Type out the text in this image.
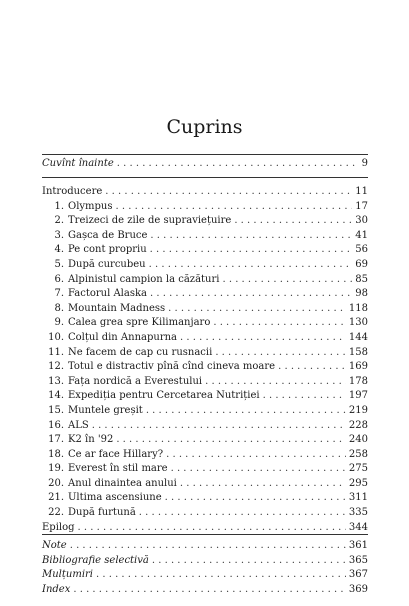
Cuprins
Cuvînt înainte . . .	9
Introducere . . .	11
1. Olympus . . .	17
2. Treizeci de zile de supraviețuire . . .	30
3. Gașca de Bruce . . .	41
4. Pe cont propriu . . .	56
5. După curcubeu . . .	69
6. Alpinistul campion la căzături . . .	85
7. Factorul Alaska . . .	98
8. Mountain Madness . . .	118
9. Calea grea spre Kilimanjaro . . .	130
10. Colțul din Annapurna . . .	144
11. Ne facem de cap cu rusnacii . . .	158
12. Totul e distractiv pînă cînd cineva moare . . .	169
13. Fața nordică a Everestului . . .	178
14. Expediția pentru Cercetarea Nutriției . . .	197
15. Muntele greșit . . .	219
16. ALS . . .	228
17. K2 în '92 . . .	240
18. Ce ar face Hillary? . . .	258
19. Everest în stil mare . . .	275
20. Anul dinaintea anului . . .	295
21. Ultima ascensiune . . .	311
22. După furtună . . .	335
Epilog . . .	344
Note . . .	361
Bibliografie selectivă . . .	365
Mulțumiri . . .	367
Index . . .	369
